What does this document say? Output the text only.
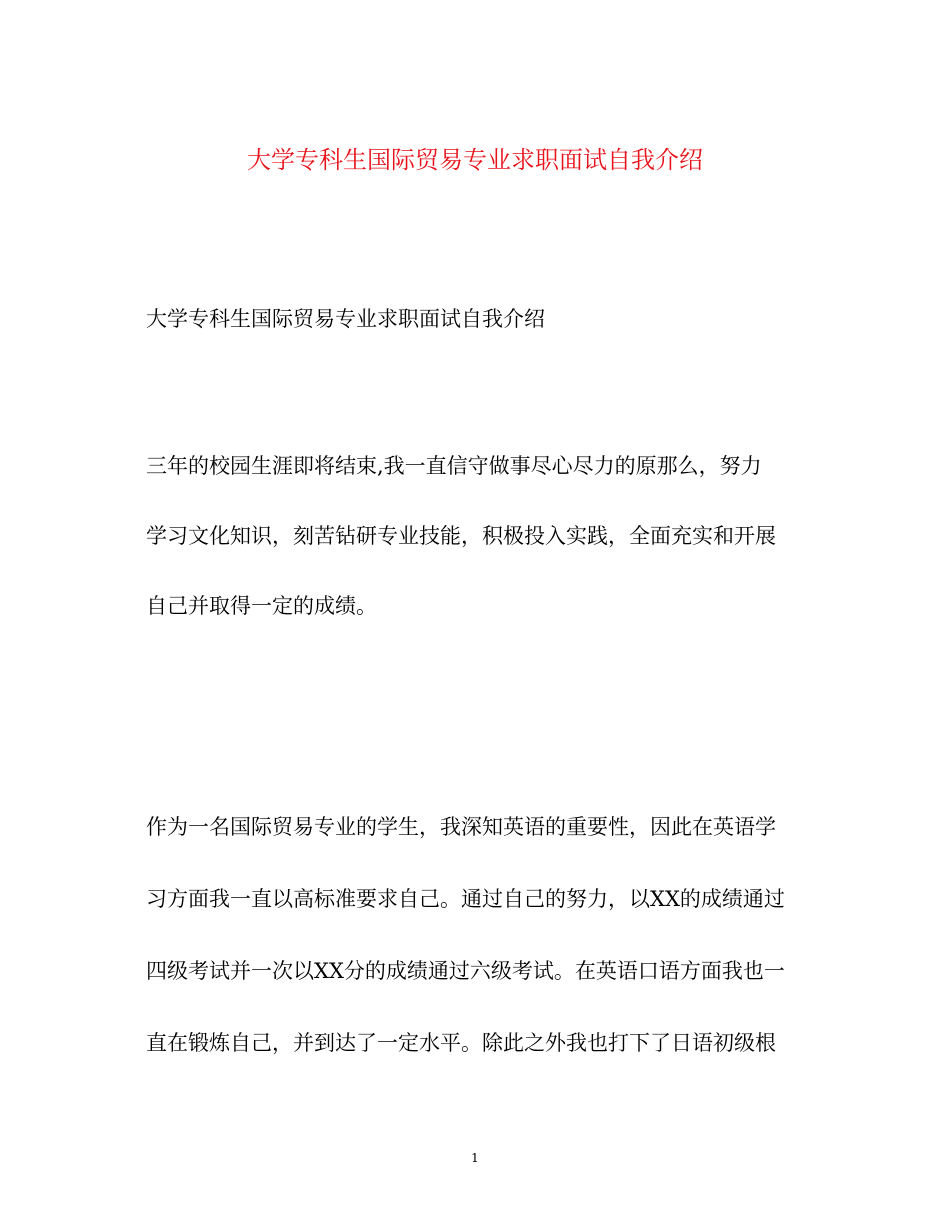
大学专科生国际贸易专业求职面试自我介绍
大学专科生国际贸易专业求职面试自我介绍
三年的校园生涯即将结束,我一直信守做事尽心尽力的原那么，努力
学习文化知识，刻苦钻研专业技能，积极投入实践，全面充实和开展
自己并取得一定的成绩。
作为一名国际贸易专业的学生，我深知英语的重要性，因此在英语学
习方面我一直以高标准要求自己。通过自己的努力，以XX的成绩通过
四级考试并一次以XX分的成绩通过六级考试。在英语口语方面我也一
直在锻炼自己，并到达了一定水平。除此之外我也打下了日语初级根
1
